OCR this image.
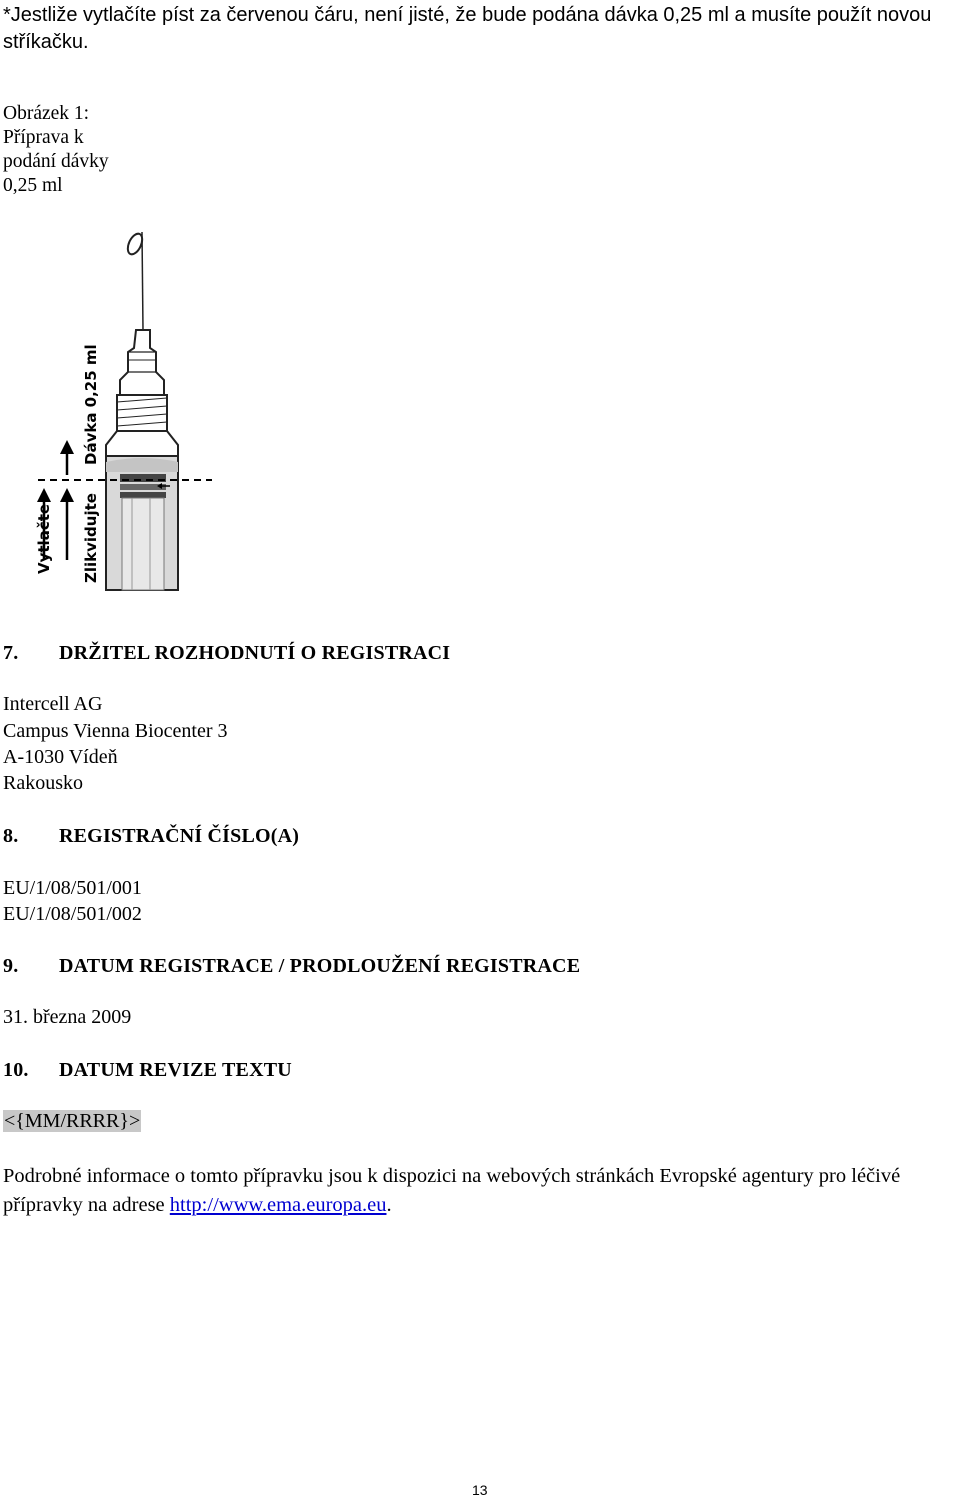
*Jestliže vytlačíte píst za červenou čáru, není jisté, že bude podána dávka 0,25 ml a musíte použít novou stříkačku.
Obrázek 1:
Příprava k
podání dávky
0,25 ml
Dávka 0,25 ml
Vytlačte Zlikvidujte
7. DRŽITEL ROZHODNUTÍ O REGISTRACI
Intercell AG
Campus Vienna Biocenter 3
A-1030 Vídeň
Rakousko
8. REGISTRAČNÍ ČÍSLO(A)
EU/1/08/501/001
EU/1/08/501/002
9. DATUM REGISTRACE / PRODLOUŽENÍ REGISTRACE
31. března 2009
10. DATUM REVIZE TEXTU
<{MM/RRRR}>
Podrobné informace o tomto přípravku jsou k dispozici na webových stránkách Evropské agentury pro léčivé přípravky na adrese http://www.ema.europa.eu.
13
